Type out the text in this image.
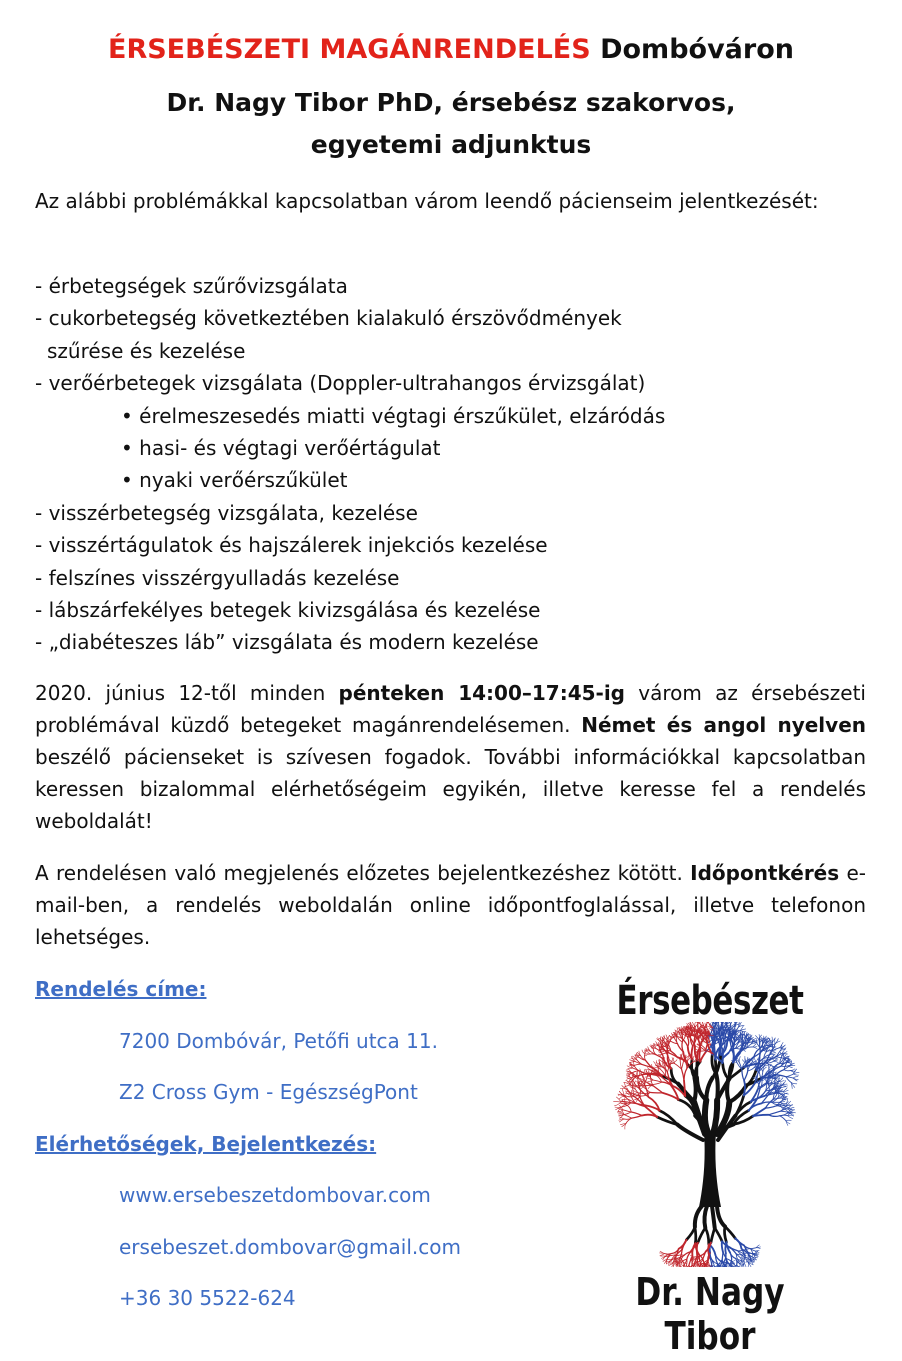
ÉRSEBÉSZETI MAGÁNRENDELÉS Dombóváron
Dr. Nagy Tibor PhD, érsebész szakorvos,
egyetemi adjunktus
Az alábbi problémákkal kapcsolatban várom leendő pácienseim jelentkezését:
- érbetegségek szűrővizsgálata
- cukorbetegség következtében kialakuló érszövődmények
szűrése és kezelése
- verőérbetegek vizsgálata (Doppler-ultrahangos érvizsgálat)
• érelmeszesedés miatti végtagi érszűkület, elzáródás
• hasi- és végtagi verőértágulat
• nyaki verőérszűkület
- visszérbetegség vizsgálata, kezelése
- visszértágulatok és hajszálerek injekciós kezelése
- felszínes visszérgyulladás kezelése
- lábszárfekélyes betegek kivizsgálása és kezelése
- „diabéteszes láb” vizsgálata és modern kezelése
2020. június 12-től minden pénteken 14:00–17:45-ig várom az érsebészeti problémával küzdő betegeket magánrendelésemen. Német és angol nyelven beszélő pácienseket is szívesen fogadok. További információkkal kapcsolatban keressen bizalommal elérhetőségeim egyikén, illetve keresse fel a rendelés weboldalát!
A rendelésen való megjelenés előzetes bejelentkezéshez kötött. Időpontkérés e-mail-ben, a rendelés weboldalán online időpontfoglalással, illetve telefonon lehetséges.
Rendelés címe:
7200 Dombóvár, Petőfi utca 11.
Z2 Cross Gym - EgészségPont
Elérhetőségek, Bejelentkezés:
www.ersebeszetdombovar.com
ersebeszet.dombovar@gmail.com
+36 30 5522-624
Érsebészet
Dr. Nagy Tibor
